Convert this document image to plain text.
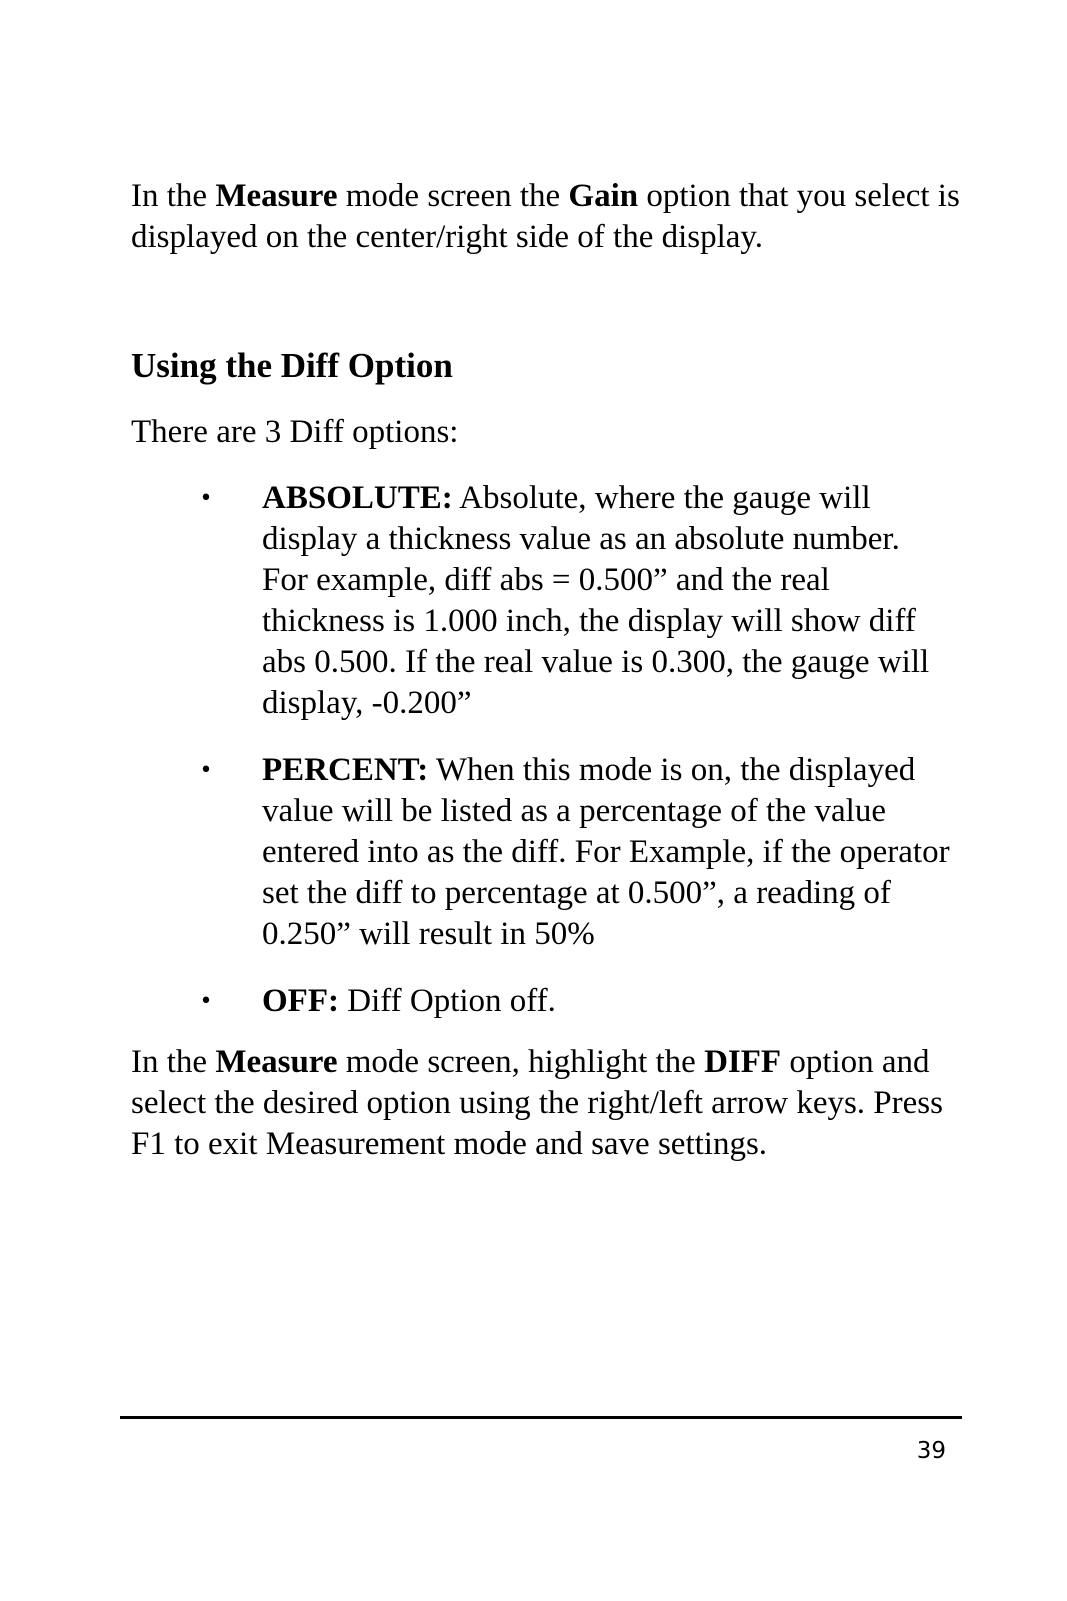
In the Measure mode screen the Gain option that you select is displayed on the center/right side of the display.

Using the Diff Option

There are 3 Diff options:

• ABSOLUTE: Absolute, where the gauge will display a thickness value as an absolute number. For example, diff abs = 0.500” and the real thickness is 1.000 inch, the display will show diff abs 0.500. If the real value is 0.300, the gauge will display, -0.200”
• PERCENT: When this mode is on, the displayed value will be listed as a percentage of the value entered into as the diff. For Example, if the operator set the diff to percentage at 0.500”, a reading of 0.250” will result in 50%
• OFF: Diff Option off.

In the Measure mode screen, highlight the DIFF option and select the desired option using the right/left arrow keys. Press F1 to exit Measurement mode and save settings.

39
